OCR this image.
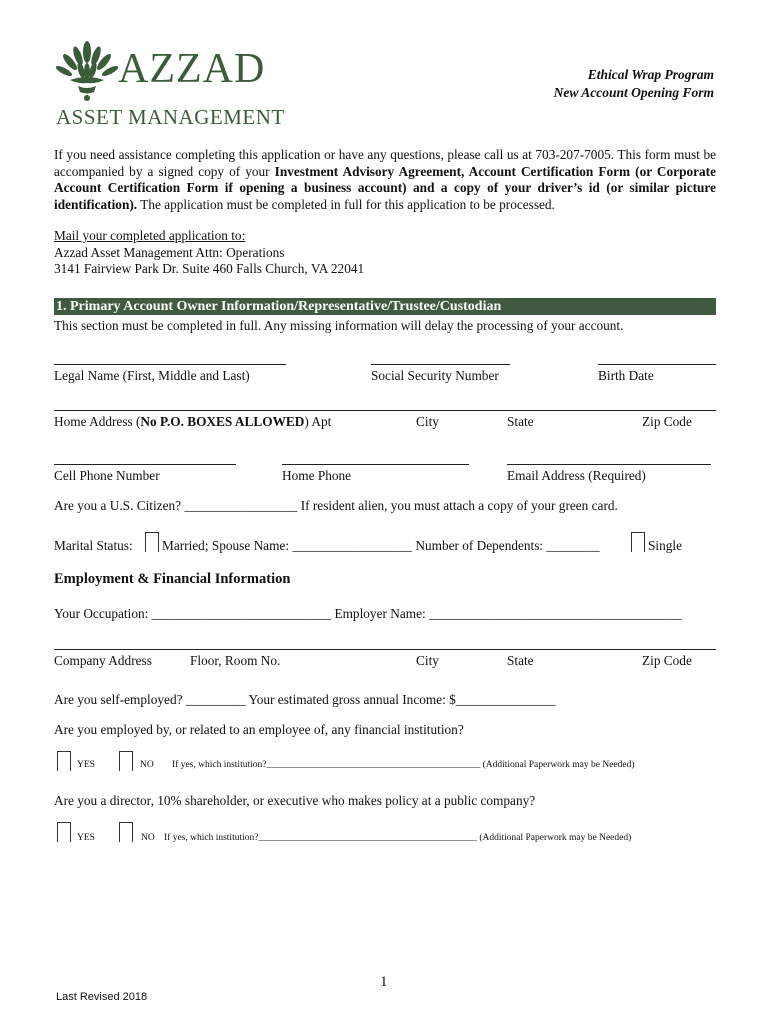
AZZAD
ASSET MANAGEMENT
Ethical Wrap Program
New Account Opening Form
If you need assistance completing this application or have any questions, please call us at 703-207-7005. This form must be accompanied by a signed copy of your Investment Advisory Agreement, Account Certification Form (or Corporate Account Certification Form if opening a business account) and a copy of your driver’s id (or similar picture identification). The application must be completed in full for this application to be processed.
Mail your completed application to:
Azzad Asset Management Attn: Operations
3141 Fairview Park Dr. Suite 460 Falls Church, VA 22041
1. Primary Account Owner Information/Representative/Trustee/Custodian
This section must be completed in full. Any missing information will delay the processing of your account.
Legal Name (First, Middle and Last)	Social Security Number	Birth Date
Home Address (No P.O. BOXES ALLOWED) Apt	City	State	Zip Code
Cell Phone Number	Home Phone	Email Address (Required)
Are you a U.S. Citizen? _________________ If resident alien, you must attach a copy of your green card.
Marital Status: Married; Spouse Name: __________________ Number of Dependents: ________	Single
Employment & Financial Information
Your Occupation: ___________________________ Employer Name: ______________________________________
Company Address	Floor, Room No.	City	State	Zip Code
Are you self-employed? _________ Your estimated gross annual Income: $_______________
Are you employed by, or related to an employee of, any financial institution?
YES	NO If yes, which institution?_____________________________________________ (Additional Paperwork may be Needed)
Are you a director, 10% shareholder, or executive who makes policy at a public company?
YES	NO If yes, which institution?______________________________________________ (Additional Paperwork may be Needed)
1
Last Revised 2018
